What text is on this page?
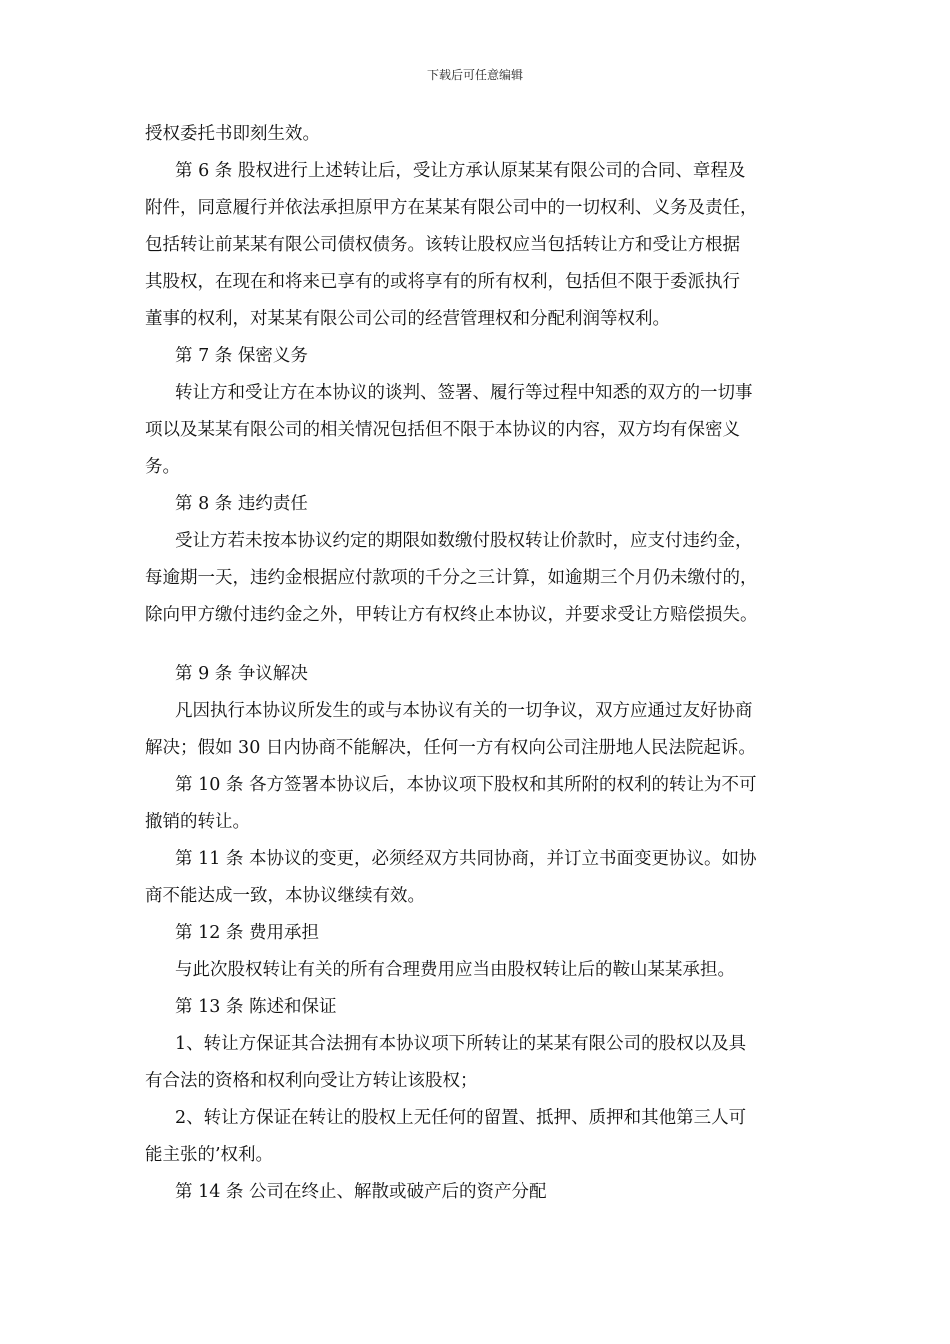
下载后可任意编辑
授权委托书即刻生效。
第 6 条 股权进行上述转让后，受让方承认原某某有限公司的合同、章程及
附件，同意履行并依法承担原甲方在某某有限公司中的一切权利、义务及责任，
包括转让前某某有限公司债权债务。该转让股权应当包括转让方和受让方根据
其股权，在现在和将来已享有的或将享有的所有权利，包括但不限于委派执行
董事的权利，对某某有限公司公司的经营管理权和分配利润等权利。
第 7 条 保密义务
转让方和受让方在本协议的谈判、签署、履行等过程中知悉的双方的一切事
项以及某某有限公司的相关情况包括但不限于本协议的内容，双方均有保密义
务。
第 8 条 违约责任
受让方若未按本协议约定的期限如数缴付股权转让价款时，应支付违约金，
每逾期一天，违约金根据应付款项的千分之三计算，如逾期三个月仍未缴付的，
除向甲方缴付违约金之外，甲转让方有权终止本协议，并要求受让方赔偿损失。
第 9 条 争议解决
凡因执行本协议所发生的或与本协议有关的一切争议，双方应通过友好协商
解决；假如 30 日内协商不能解决，任何一方有权向公司注册地人民法院起诉。
第 10 条 各方签署本协议后，本协议项下股权和其所附的权利的转让为不可
撤销的转让。
第 11 条 本协议的变更，必须经双方共同协商，并订立书面变更协议。如协
商不能达成一致，本协议继续有效。
第 12 条 费用承担
与此次股权转让有关的所有合理费用应当由股权转让后的鞍山某某承担。
第 13 条 陈述和保证
1、转让方保证其合法拥有本协议项下所转让的某某有限公司的股权以及具
有合法的资格和权利向受让方转让该股权；
2、转让方保证在转让的股权上无任何的留置、抵押、质押和其他第三人可
能主张的’权利。
第 14 条 公司在终止、解散或破产后的资产分配
